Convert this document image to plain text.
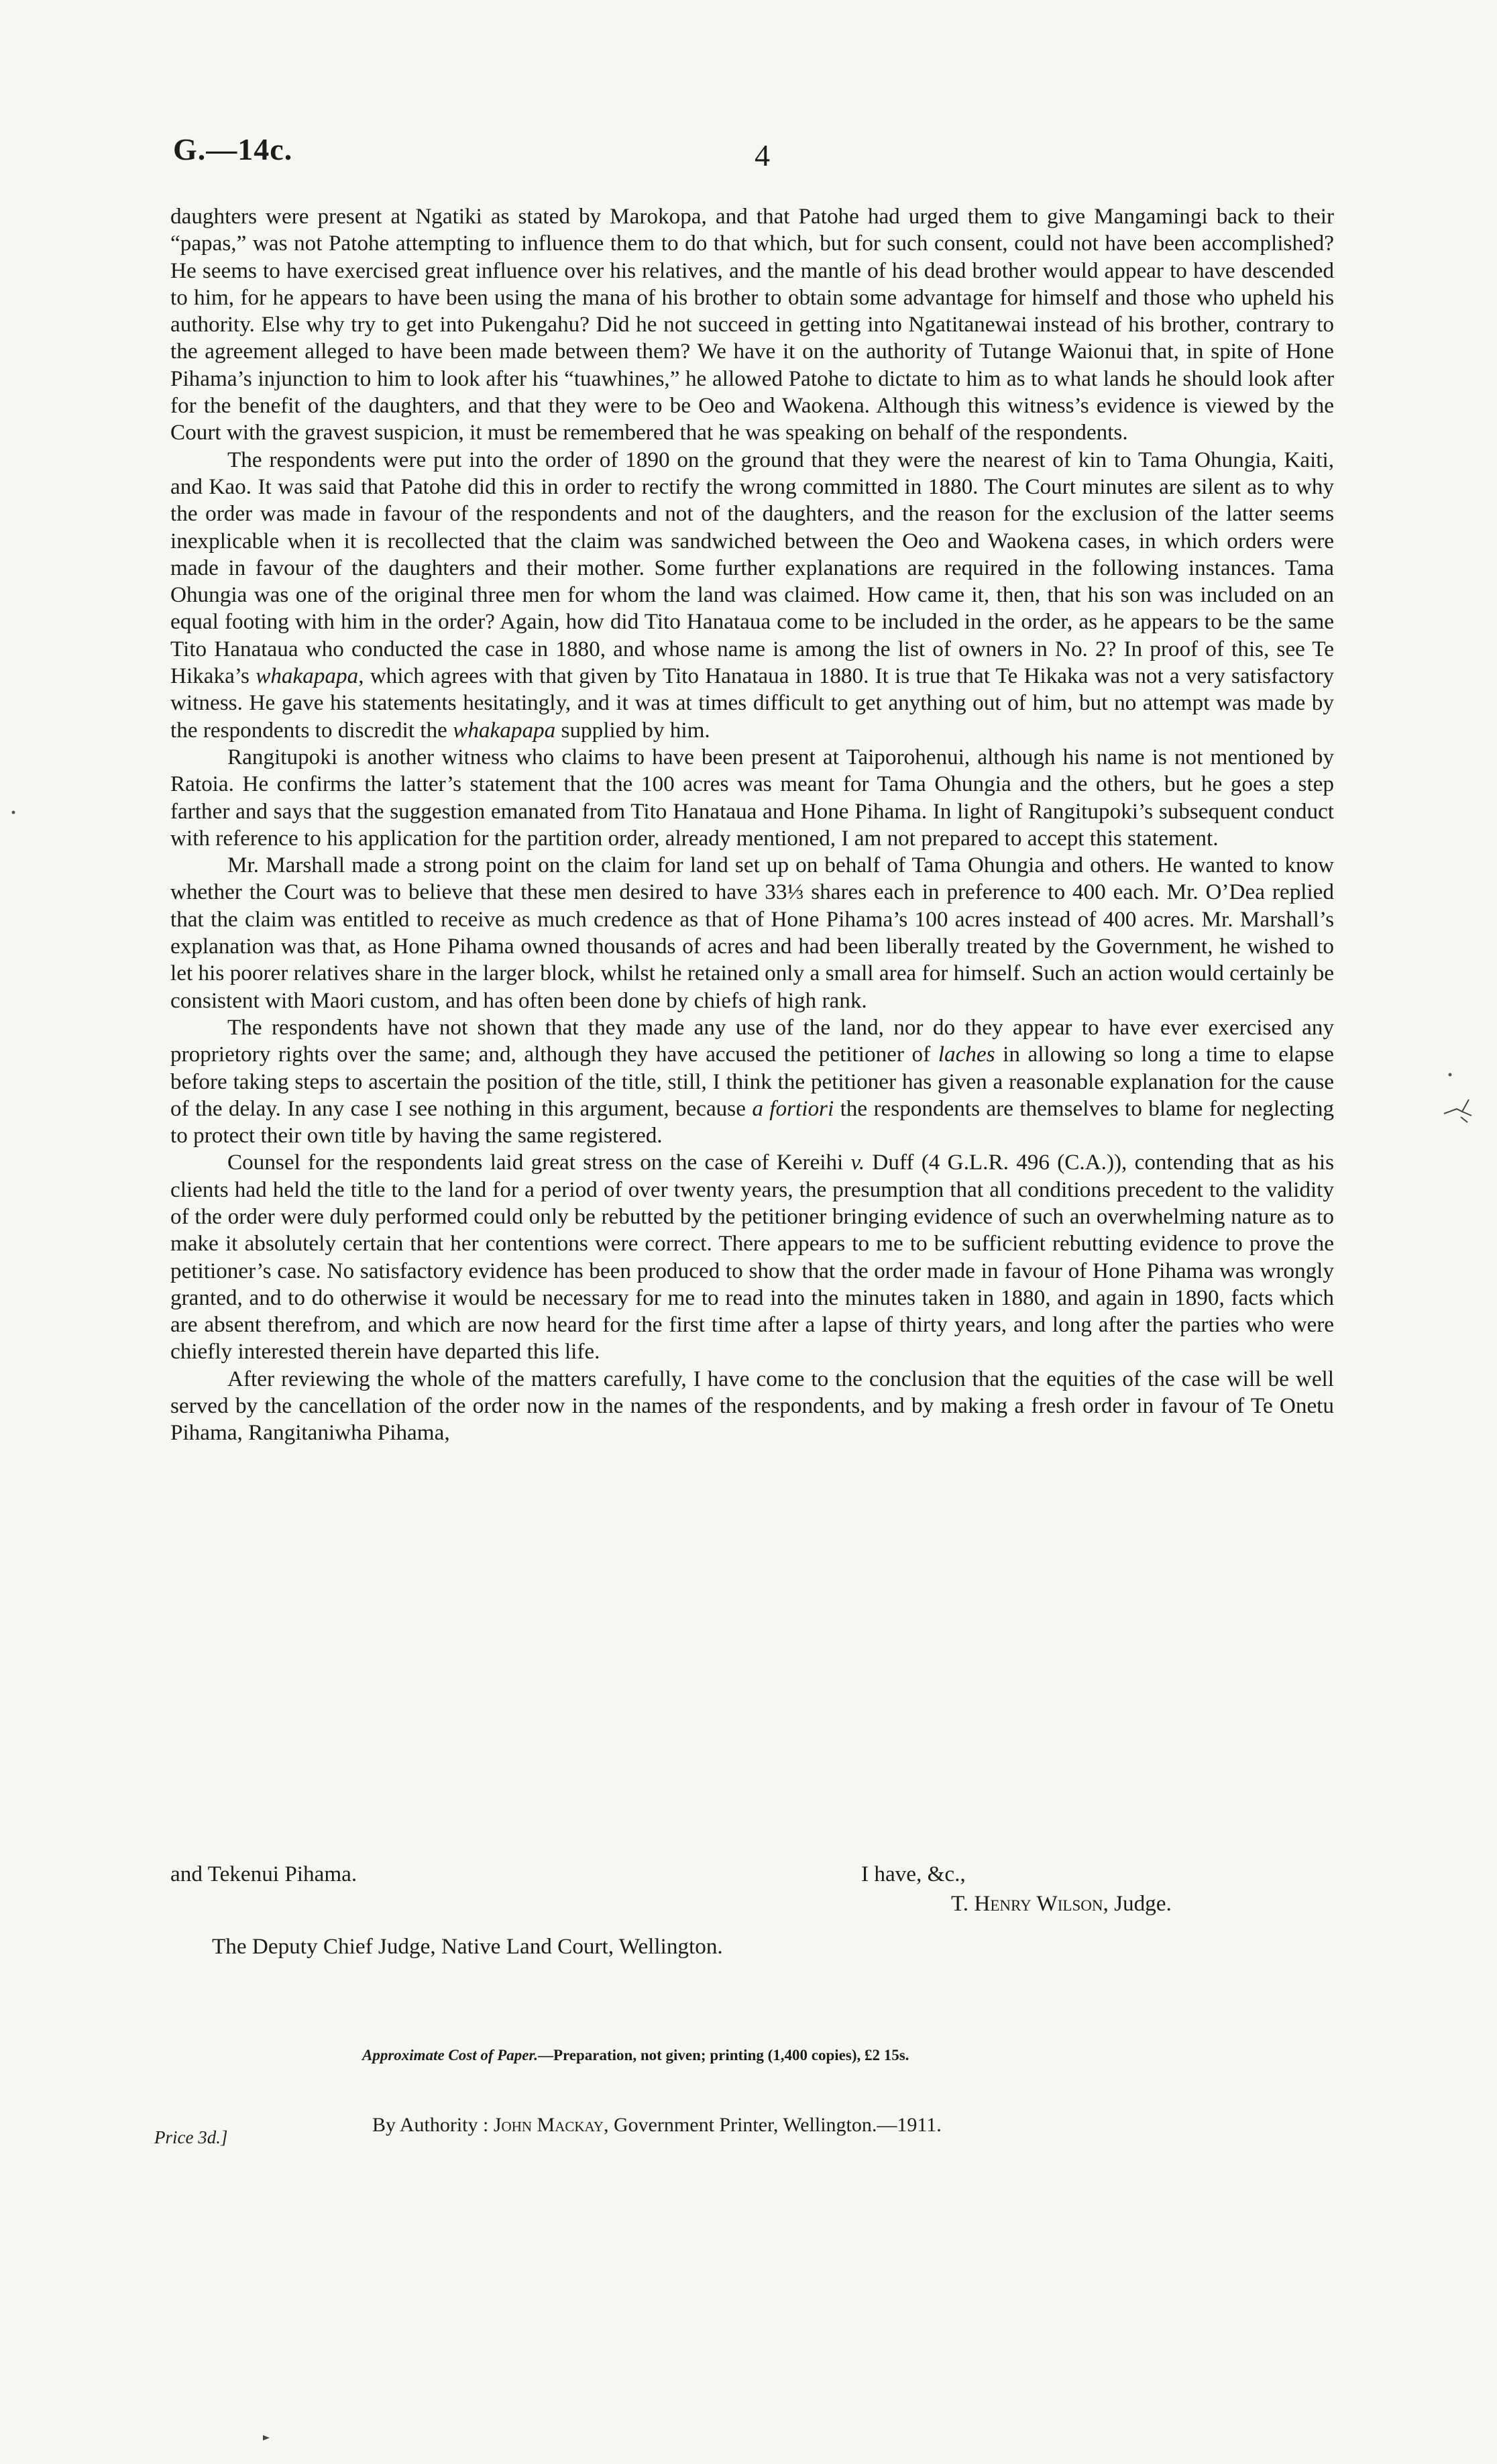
G.—14c.	4

daughters were present at Ngatiki as stated by Marokopa, and that Patohe had urged them to give Mangamingi back to their “papas,” was not Patohe attempting to influence them to do that which, but for such consent, could not have been accomplished? He seems to have exercised great influence over his relatives, and the mantle of his dead brother would appear to have descended to him, for he appears to have been using the mana of his brother to obtain some advantage for himself and those who upheld his authority. Else why try to get into Pukengahu? Did he not succeed in getting into Ngatitanewai instead of his brother, contrary to the agreement alleged to have been made between them? We have it on the authority of Tutange Waionui that, in spite of Hone Pihama’s injunction to him to look after his “tuawhines,” he allowed Patohe to dictate to him as to what lands he should look after for the benefit of the daughters, and that they were to be Oeo and Waokena. Although this witness’s evidence is viewed by the Court with the gravest suspicion, it must be remembered that he was speaking on behalf of the respondents.

The respondents were put into the order of 1890 on the ground that they were the nearest of kin to Tama Ohungia, Kaiti, and Kao. It was said that Patohe did this in order to rectify the wrong committed in 1880. The Court minutes are silent as to why the order was made in favour of the respondents and not of the daughters, and the reason for the exclusion of the latter seems inexplicable when it is recollected that the claim was sandwiched between the Oeo and Waokena cases, in which orders were made in favour of the daughters and their mother. Some further explanations are required in the following instances. Tama Ohungia was one of the original three men for whom the land was claimed. How came it, then, that his son was included on an equal footing with him in the order? Again, how did Tito Hanataua come to be included in the order, as he appears to be the same Tito Hanataua who conducted the case in 1880, and whose name is among the list of owners in No. 2? In proof of this, see Te Hikaka’s whakapapa, which agrees with that given by Tito Hanataua in 1880. It is true that Te Hikaka was not a very satisfactory witness. He gave his statements hesitatingly, and it was at times difficult to get anything out of him, but no attempt was made by the respondents to discredit the whakapapa supplied by him.

Rangitupoki is another witness who claims to have been present at Taiporohenui, although his name is not mentioned by Ratoia. He confirms the latter’s statement that the 100 acres was meant for Tama Ohungia and the others, but he goes a step farther and says that the suggestion emanated from Tito Hanataua and Hone Pihama. In light of Rangitupoki’s subsequent conduct with reference to his application for the partition order, already mentioned, I am not prepared to accept this statement.

Mr. Marshall made a strong point on the claim for land set up on behalf of Tama Ohungia and others. He wanted to know whether the Court was to believe that these men desired to have 33⅓ shares each in preference to 400 each. Mr. O’Dea replied that the claim was entitled to receive as much credence as that of Hone Pihama’s 100 acres instead of 400 acres. Mr. Marshall’s explanation was that, as Hone Pihama owned thousands of acres and had been liberally treated by the Government, he wished to let his poorer relatives share in the larger block, whilst he retained only a small area for himself. Such an action would certainly be consistent with Maori custom, and has often been done by chiefs of high rank.

The respondents have not shown that they made any use of the land, nor do they appear to have ever exercised any proprietory rights over the same; and, although they have accused the petitioner of laches in allowing so long a time to elapse before taking steps to ascertain the position of the title, still, I think the petitioner has given a reasonable explanation for the cause of the delay. In any case I see nothing in this argument, because a fortiori the respondents are themselves to blame for neglecting to protect their own title by having the same registered.

Counsel for the respondents laid great stress on the case of Kereihi v. Duff (4 G.L.R. 496 (C.A.)), contending that as his clients had held the title to the land for a period of over twenty years, the presumption that all conditions precedent to the validity of the order were duly performed could only be rebutted by the petitioner bringing evidence of such an overwhelming nature as to make it absolutely certain that her contentions were correct. There appears to me to be sufficient rebutting evidence to prove the petitioner’s case. No satisfactory evidence has been produced to show that the order made in favour of Hone Pihama was wrongly granted, and to do otherwise it would be necessary for me to read into the minutes taken in 1880, and again in 1890, facts which are absent therefrom, and which are now heard for the first time after a lapse of thirty years, and long after the parties who were chiefly interested therein have departed this life.

After reviewing the whole of the matters carefully, I have come to the conclusion that the equities of the case will be well served by the cancellation of the order now in the names of the respondents, and by making a fresh order in favour of Te Onetu Pihama, Rangitaniwha Pihama,

and Tekenui Pihama.	I have, &c.,
T. Henry Wilson, Judge.
The Deputy Chief Judge, Native Land Court, Wellington.
Approximate Cost of Paper.—Preparation, not given; printing (1,400 copies), £2 15s.
By Authority : John Mackay, Government Printer, Wellington.—1911.
Price 3d.]
